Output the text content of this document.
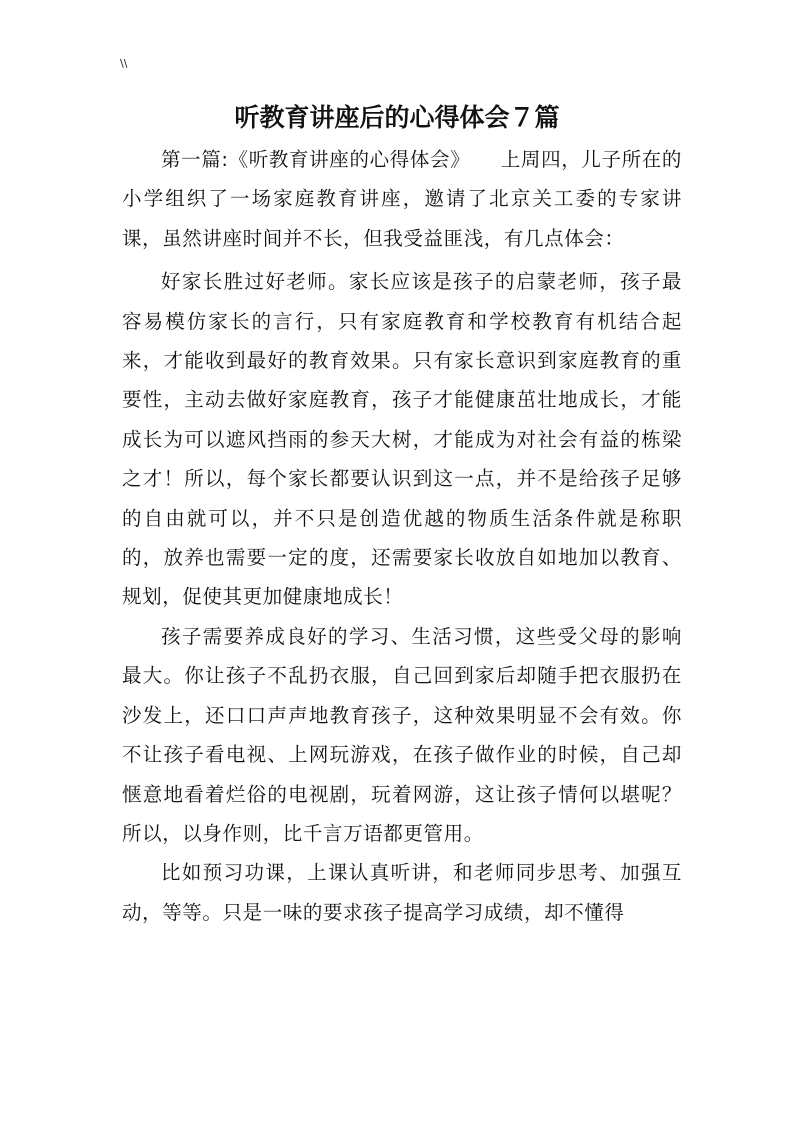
\\
听教育讲座后的心得体会７篇

第一篇:《听教育讲座的心得体会》　　上周四，儿子所在的小学组织了一场家庭教育讲座，邀请了北京关工委的专家讲课，虽然讲座时间并不长，但我受益匪浅，有几点体会：

好家长胜过好老师。家长应该是孩子的启蒙老师，孩子最容易模仿家长的言行，只有家庭教育和学校教育有机结合起来，才能收到最好的教育效果。只有家长意识到家庭教育的重要性，主动去做好家庭教育，孩子才能健康茁壮地成长，才能成长为可以遮风挡雨的参天大树，才能成为对社会有益的栋梁之才！所以，每个家长都要认识到这一点，并不是给孩子足够的自由就可以，并不只是创造优越的物质生活条件就是称职的，放养也需要一定的度，还需要家长收放自如地加以教育、规划，促使其更加健康地成长！

孩子需要养成良好的学习、生活习惯，这些受父母的影响最大。你让孩子不乱扔衣服，自己回到家后却随手把衣服扔在沙发上，还口口声声地教育孩子，这种效果明显不会有效。你不让孩子看电视、上网玩游戏，在孩子做作业的时候，自己却惬意地看着烂俗的电视剧，玩着网游，这让孩子情何以堪呢？所以，以身作则，比千言万语都更管用。

比如预习功课，上课认真听讲，和老师同步思考、加强互动，等等。只是一味的要求孩子提高学习成绩，却不懂得
